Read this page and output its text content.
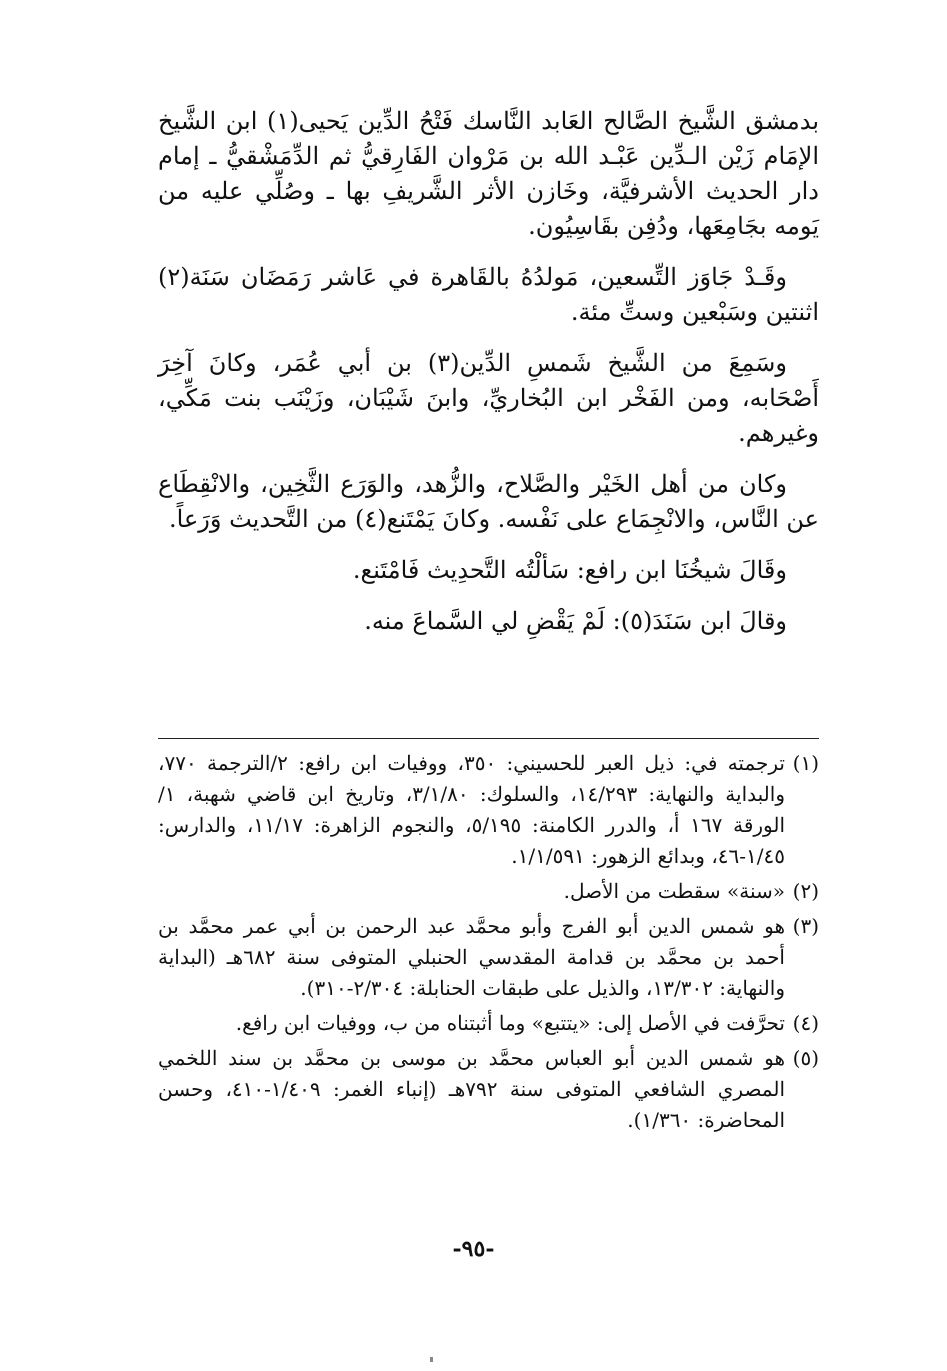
بدمشق الشَّيخ الصَّالح العَابد النَّاسك فَتْحُ الدِّين يَحيى(١) ابن الشَّيخ الإمَام زَيْن الـدِّين عَبْـد الله بن مَرْوان الفَارِقيُّ ثم الدِّمَشْقيُّ ـ إمام دار الحديث الأشرفيَّة، وخَازن الأثر الشَّريفِ بها ـ وصُلِّي عليه من يَومه بجَامِعَها، ودُفِن بقَاسِيُون.

وقَـدْ جَاوَز التِّسعين، مَولدُهُ بالقَاهرة في عَاشر رَمَضَان سَنَة(٢) اثنتين وسَبْعين وستِّ مئة.

وسَمِعَ من الشَّيخ شَمسِ الدِّين(٣) بن أبي عُمَر، وكانَ آخِرَ أَصْحَابه، ومن الفَخْر ابن البُخاريِّ، وابنَ شَيْبَان، وزَيْنَب بنت مَكِّي، وغيرهم.

وكان من أهل الخَيْر والصَّلاح، والزُّهد، والوَرَع الثَّخِين، والانْقِطَاع عن النَّاس، والانْجِمَاع على نَفْسه. وكانَ يَمْتَنع(٤) من التَّحديث وَرَعاً.

وقَالَ شيخُنَا ابن رافع: سَألْتُه التَّحدِيث فَامْتَنع.

وقالَ ابن سَنَدَ(٥): لَمْ يَقْضِ لي السَّماعَ منه.

(١)ترجمته في: ذيل العبر للحسيني: ٣٥٠، ووفيات ابن رافع: ٢/الترجمة ٧٧٠، والبداية والنهاية: ١٤/٢٩٣، والسلوك: ٣/١/٨٠، وتاريخ ابن قاضي شهبة، ١/الورقة ١٦٧ أ، والدرر الكامنة: ٥/١٩٥، والنجوم الزاهرة: ١١/١٧، والدارس: ١/٤٥-٤٦، وبدائع الزهور: ١/١/٥٩١.

(٢)«سنة» سقطت من الأصل.

(٣)هو شمس الدين أبو الفرج وأبو محمَّد عبد الرحمن بن أبي عمر محمَّد بن أحمد بن محمَّد بن قدامة المقدسي الحنبلي المتوفى سنة ٦٨٢هـ (البداية والنهاية: ١٣/٣٠٢، والذيل على طبقات الحنابلة: ٢/٣٠٤-٣١٠).

(٤)تحرَّفت في الأصل إلى: «يتتبع» وما أثبتناه من ب، ووفيات ابن رافع.

(٥)هو شمس الدين أبو العباس محمَّد بن موسى بن محمَّد بن سند اللخمي المصري الشافعي المتوفى سنة ٧٩٢هـ (إنباء الغمر: ١/٤٠٩-٤١٠، وحسن المحاضرة: ١/٣٦٠).

-٩٥-
